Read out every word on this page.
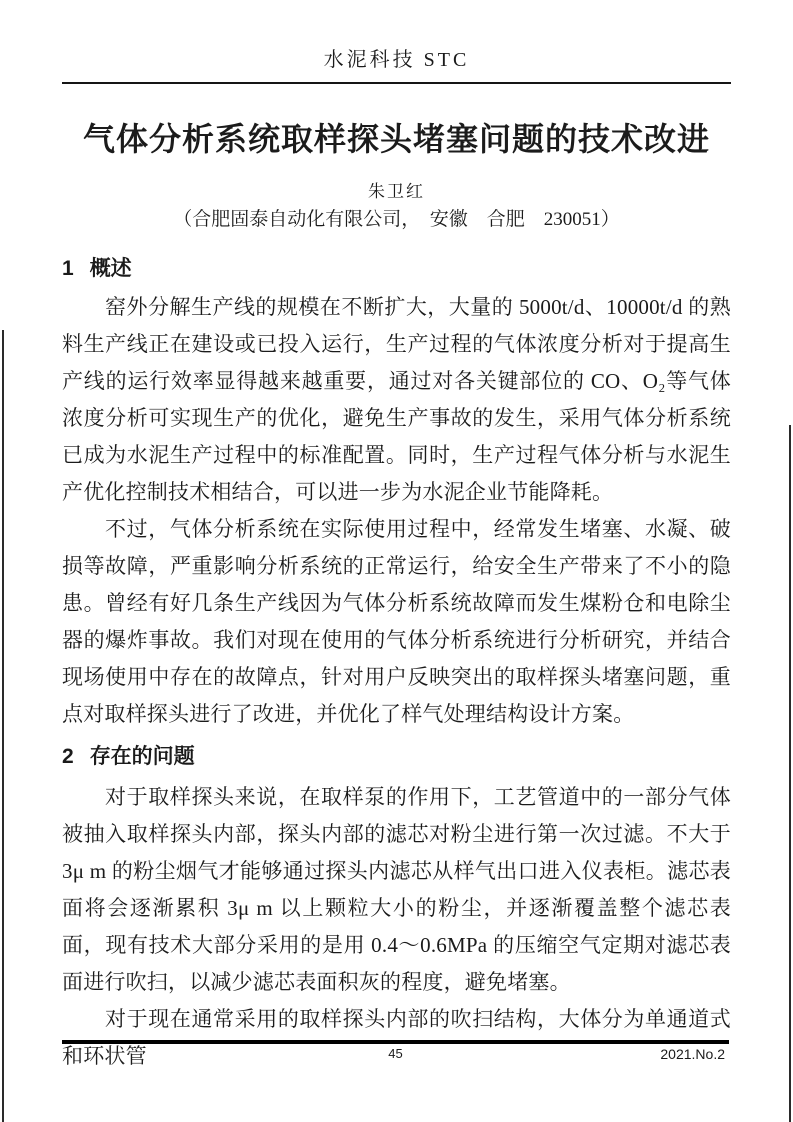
水泥科技 STC
气体分析系统取样探头堵塞问题的技术改进
朱卫红
（合肥固泰自动化有限公司，　安徽　合肥　230051）
1 概述

窑外分解生产线的规模在不断扩大，大量的 5000t/d、10000t/d 的熟料生产线正在建设或已投入运行，生产过程的气体浓度分析对于提高生产线的运行效率显得越来越重要，通过对各关键部位的 CO、O₂等气体浓度分析可实现生产的优化，避免生产事故的发生，采用气体分析系统已成为水泥生产过程中的标准配置。同时，生产过程气体分析与水泥生产优化控制技术相结合，可以进一步为水泥企业节能降耗。

不过，气体分析系统在实际使用过程中，经常发生堵塞、水凝、破损等故障，严重影响分析系统的正常运行，给安全生产带来了不小的隐患。曾经有好几条生产线因为气体分析系统故障而发生煤粉仓和电除尘器的爆炸事故。我们对现在使用的气体分析系统进行分析研究，并结合现场使用中存在的故障点，针对用户反映突出的取样探头堵塞问题，重点对取样探头进行了改进，并优化了样气处理结构设计方案。

2 存在的问题

对于取样探头来说，在取样泵的作用下，工艺管道中的一部分气体被抽入取样探头内部，探头内部的滤芯对粉尘进行第一次过滤。不大于 3μ m 的粉尘烟气才能够通过探头内滤芯从样气出口进入仪表柜。滤芯表面将会逐渐累积 3μ m 以上颗粒大小的粉尘，并逐渐覆盖整个滤芯表面，现有技术大部分采用的是用 0.4～0.6MPa 的压缩空气定期对滤芯表面进行吹扫，以减少滤芯表面积灰的程度，避免堵塞。

对于现在通常采用的取样探头内部的吹扫结构，大体分为单通道式和环状管	45	2021.No.2
